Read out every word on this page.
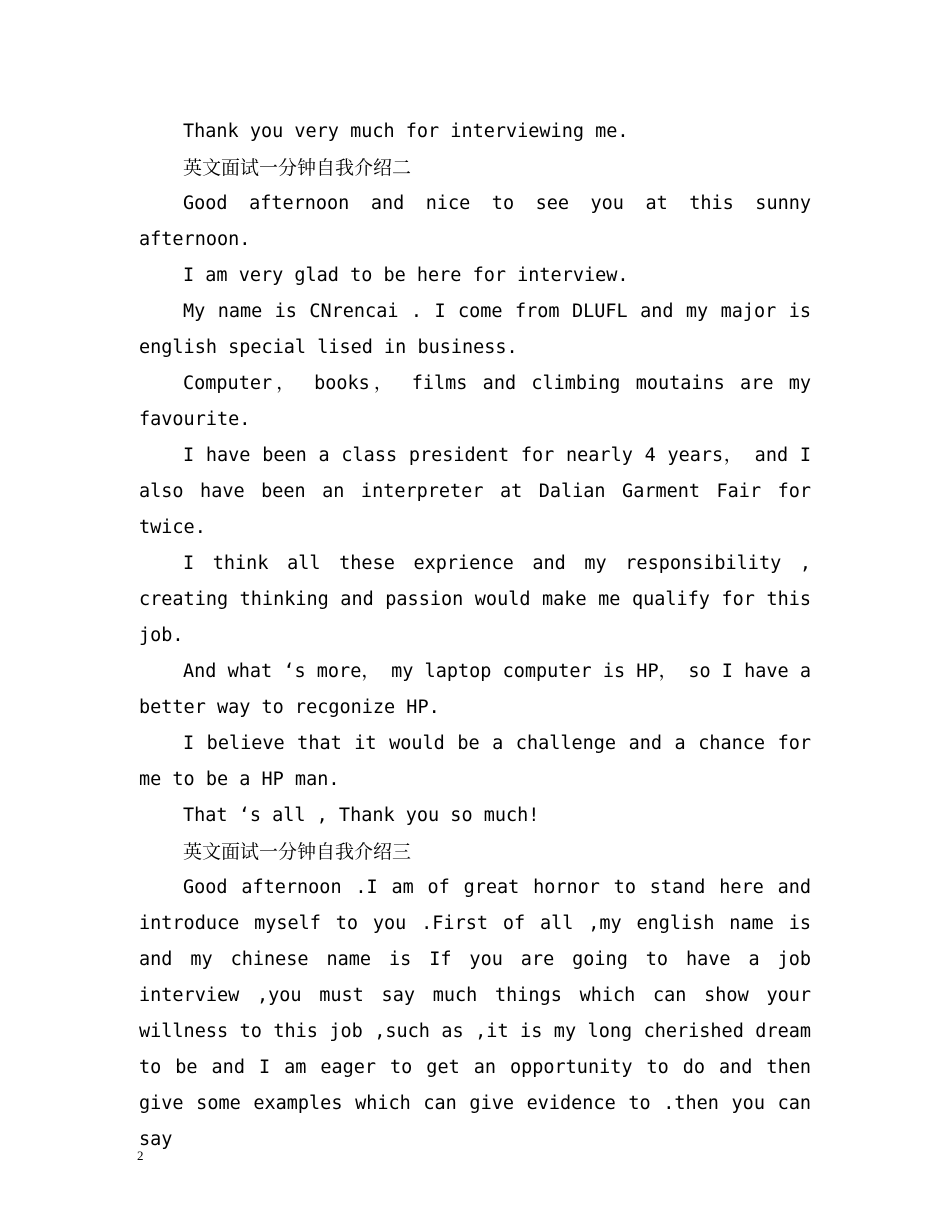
Thank you very much for interviewing me.

英文面试一分钟自我介绍二

Good afternoon and nice to see you at this sunny afternoon.

I am very glad to be here for interview.

My name is CNrencai . I come from DLUFL and my major is english special lised in business.

Computer， books， films and climbing moutains are my favourite.

I have been a class president for nearly 4 years， and I also have been an interpreter at Dalian Garment Fair for twice.

I think all these exprience and my responsibility , creating thinking and passion would make me qualify for this job.

And what ‘s more， my laptop computer is HP， so I have a better way to recgonize HP.

I believe that it would be a challenge and a chance for me to be a HP man.

That ‘s all , Thank you so much!

英文面试一分钟自我介绍三

Good afternoon .I am of great hornor to stand here and introduce myself to you .First of all ,my english name is and my chinese name is If you are going to have a job interview ,you must say much things which can show your willness to this job ,such as ,it is my long cherished dream to be and I am eager to get an opportunity to do and then give some examples which can give evidence to .then you can say

2
